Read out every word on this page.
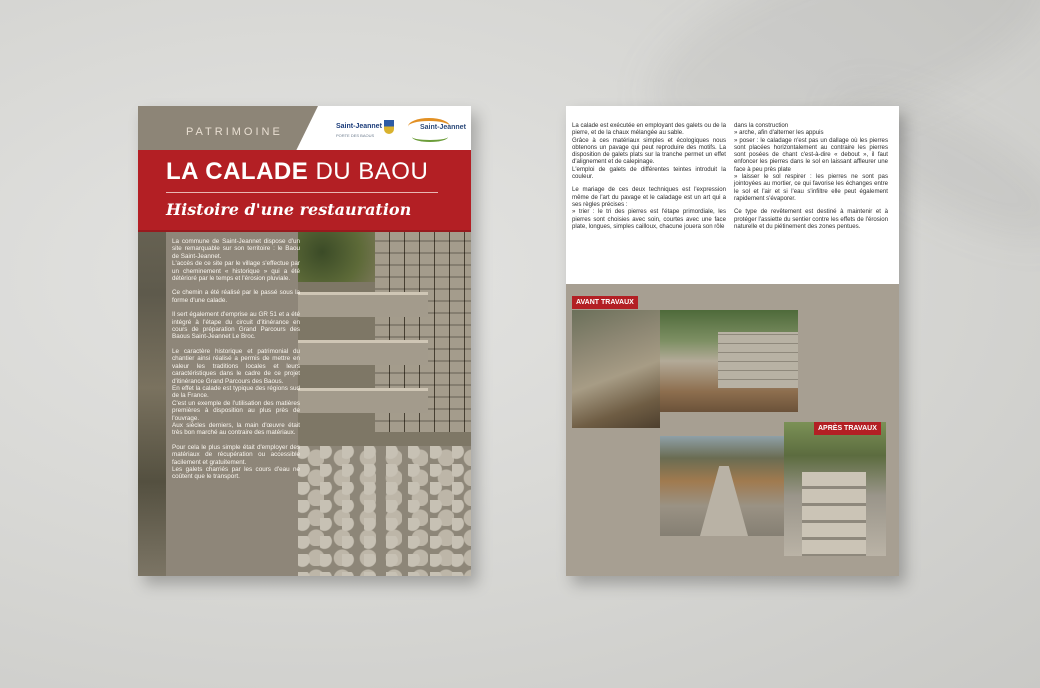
PATRIMOINE	Saint-Jeannet
PORTE DES BAOUS
Saint-Jeannet
LA CALADE DU BAOU
Histoire d'une restauration

La commune de Saint-Jeannet dispose d'un site remarquable sur son territoire : le Baou de Saint-Jeannet.
L'accès de ce site par le village s'effectue par un cheminement « historique » qui a été détérioré par le temps et l'érosion pluviale.

Ce chemin a été réalisé par le passé sous la forme d'une calade.

Il sert également d'emprise au GR 51 et a été intégré à l'étape du circuit d'itinérance en cours de préparation Grand Parcours des Baous Saint-Jeannet Le Broc.

Le caractère historique et patrimonial du chantier ainsi réalisé a permis de mettre en valeur les traditions locales et leurs caractéristiques dans le cadre de ce projet d'itinérance Grand Parcours des Baous.
En effet la calade est typique des régions sud de la France.
C'est un exemple de l'utilisation des matières premières à disposition au plus près de l'ouvrage.
Aux siècles derniers, la main d'œuvre était très bon marché au contraire des matériaux.

Pour cela le plus simple était d'employer des matériaux de récupération ou accessible facilement et gratuitement.
Les galets charriés par les cours d'eau ne coûtent que le transport.

La calade est exécutée en employant des galets ou de la pierre, et de la chaux mélangée au sable.
Grâce à ces matériaux simples et écologiques nous obtenons un pavage qui peut reproduire des motifs. La disposition de galets plats sur la tranche permet un effet d'alignement et de calepinage.
L'emploi de galets de différentes teintes introduit la couleur.

Le mariage de ces deux techniques est l'expression même de l'art du pavage et le caladage est un art qui a ses règles précises :
» trier : le tri des pierres est l'étape primordiale, les pierres sont choisies avec soin, courtes avec une face plate, longues, simples cailloux, chacune jouera son rôle

dans la construction
» arche, afin d'alterner les appuis
» poser : le caladage n'est pas un dallage où les pierres sont placées horizontalement au contraire les pierres sont posées de chant c'est-à-dire « debout », il faut enfoncer les pierres dans le sol en laissant affleurer une face à peu près plate
» laisser le sol respirer : les pierres ne sont pas jointoyées au mortier, ce qui favorise les échanges entre le sol et l'air et si l'eau s'infiltre elle peut également rapidement s'évaporer.

Ce type de revêtement est destiné à maintenir et à protéger l'assiette du sentier contre les effets de l'érosion naturelle et du piétinement des zones pentues.

AVANT TRAVAUX
APRÈS TRAVAUX
